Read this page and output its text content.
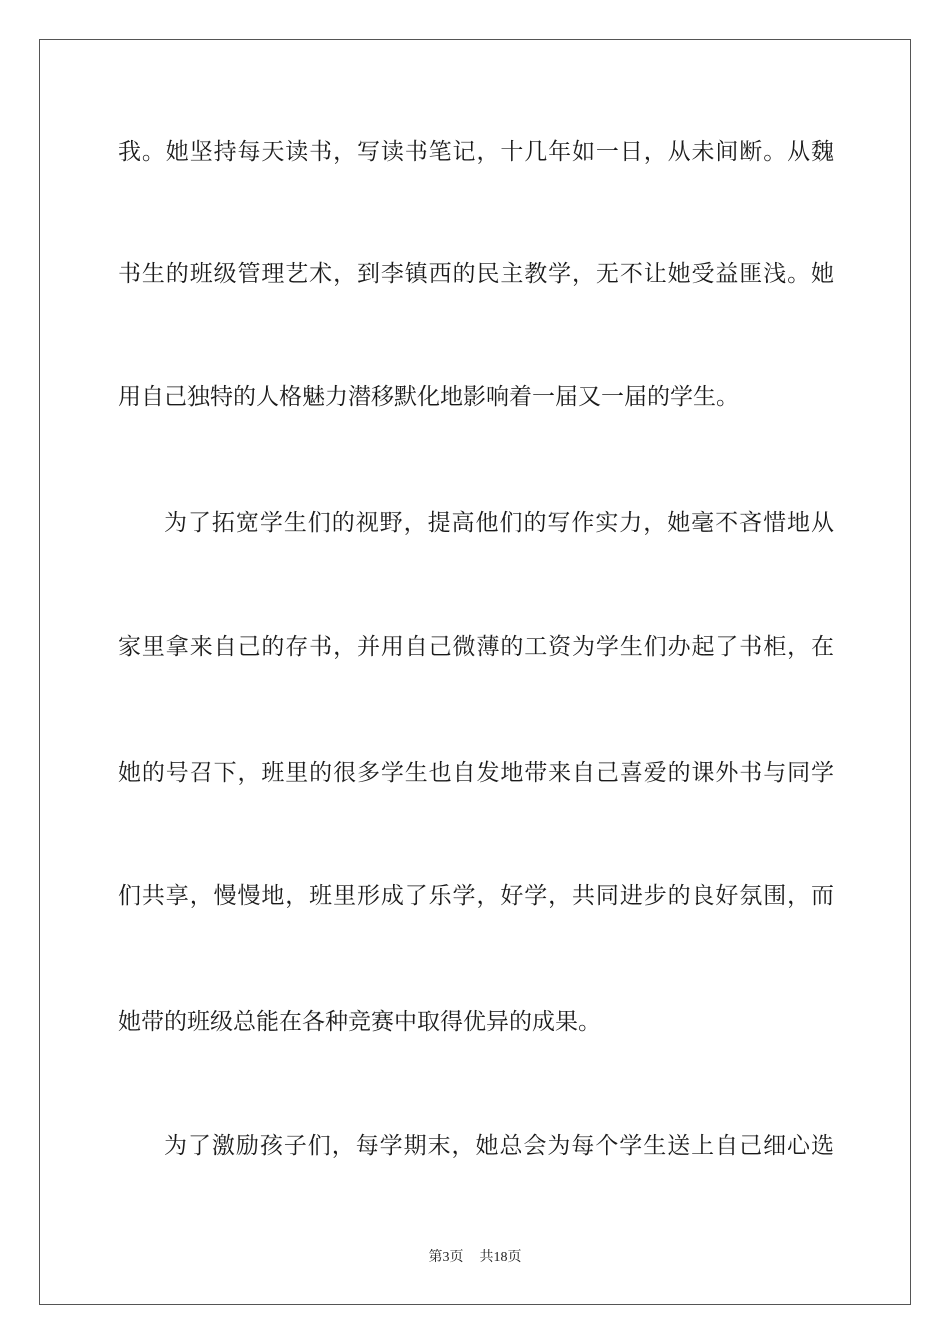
我。她坚持每天读书，写读书笔记，十几年如一日，从未间断。从魏

书生的班级管理艺术，到李镇西的民主教学，无不让她受益匪浅。她

用自己独特的人格魅力潜移默化地影响着一届又一届的学生。

为了拓宽学生们的视野，提高他们的写作实力，她毫不吝惜地从

家里拿来自己的存书，并用自己微薄的工资为学生们办起了书柜，在

她的号召下，班里的很多学生也自发地带来自己喜爱的课外书与同学

们共享，慢慢地，班里形成了乐学，好学，共同进步的良好氛围，而

她带的班级总能在各种竞赛中取得优异的成果。

为了激励孩子们，每学期末，她总会为每个学生送上自己细心选

第3页 共18页
